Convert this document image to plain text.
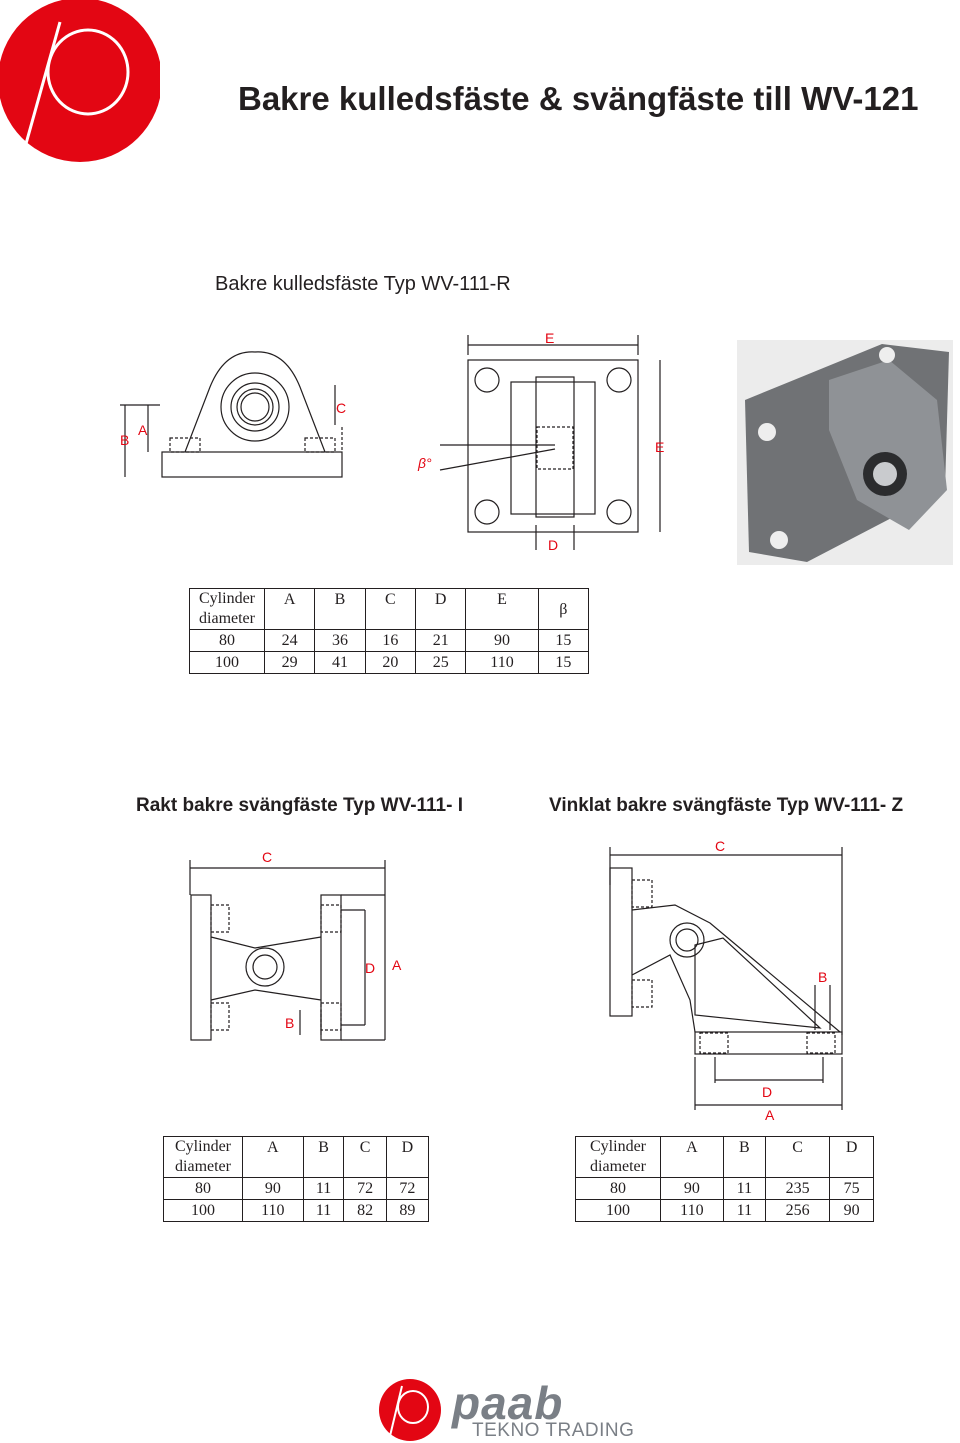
Bakre kulledsfäste & svängfäste till WV-121
Bakre kulledsfäste Typ WV-111-R
B
A
C
E
E
D
β°
Cylinder
diameter	A	B	C	D	E	β
80	24	36	16	21	90	15
100	29	41	20	25	110	15
Rakt bakre svängfäste Typ WV-111- I	Vinklat bakre svängfäste Typ WV-111- Z
C
D A
B
C
B
D
A
Cylinder
diameter	A	B	C	D
80	90	11	72	72
100	110	11	82	89
Cylinder
diameter	A	B	C	D
80	90	11	235	75
100	110	11	256	90
paab
TEKNO TRADING
